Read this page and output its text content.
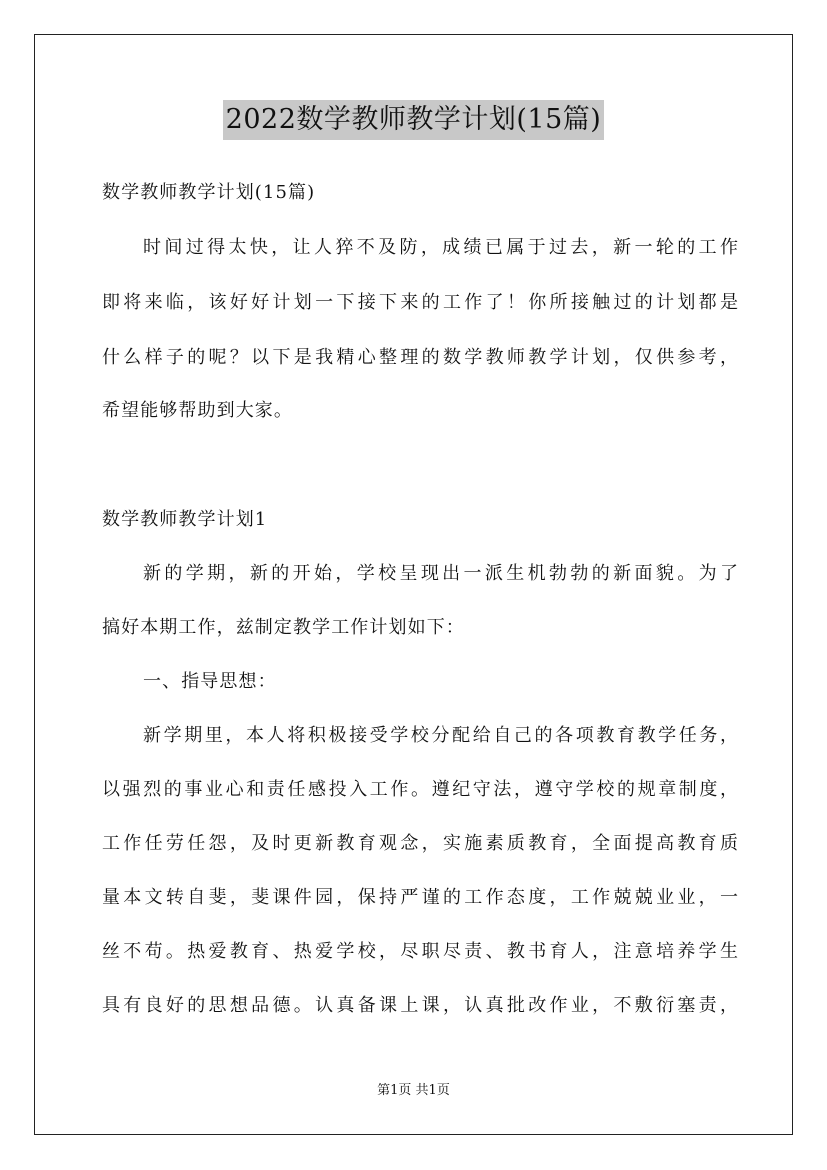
2022数学教师教学计划(15篇)
数学教师教学计划(15篇)
时间过得太快，让人猝不及防，成绩已属于过去，新一轮的工作
即将来临，该好好计划一下接下来的工作了！你所接触过的计划都是
什么样子的呢？以下是我精心整理的数学教师教学计划，仅供参考，
希望能够帮助到大家。
数学教师教学计划1
新的学期，新的开始，学校呈现出一派生机勃勃的新面貌。为了
搞好本期工作，兹制定教学工作计划如下：
一、指导思想：
新学期里，本人将积极接受学校分配给自己的各项教育教学任务，
以强烈的事业心和责任感投入工作。遵纪守法，遵守学校的规章制度，
工作任劳任怨，及时更新教育观念，实施素质教育，全面提高教育质
量本文转自斐，斐课件园，保持严谨的工作态度，工作兢兢业业，一
丝不苟。热爱教育、热爱学校，尽职尽责、教书育人，注意培养学生
具有良好的思想品德。认真备课上课，认真批改作业，不敷衍塞责，
第1页 共1页
